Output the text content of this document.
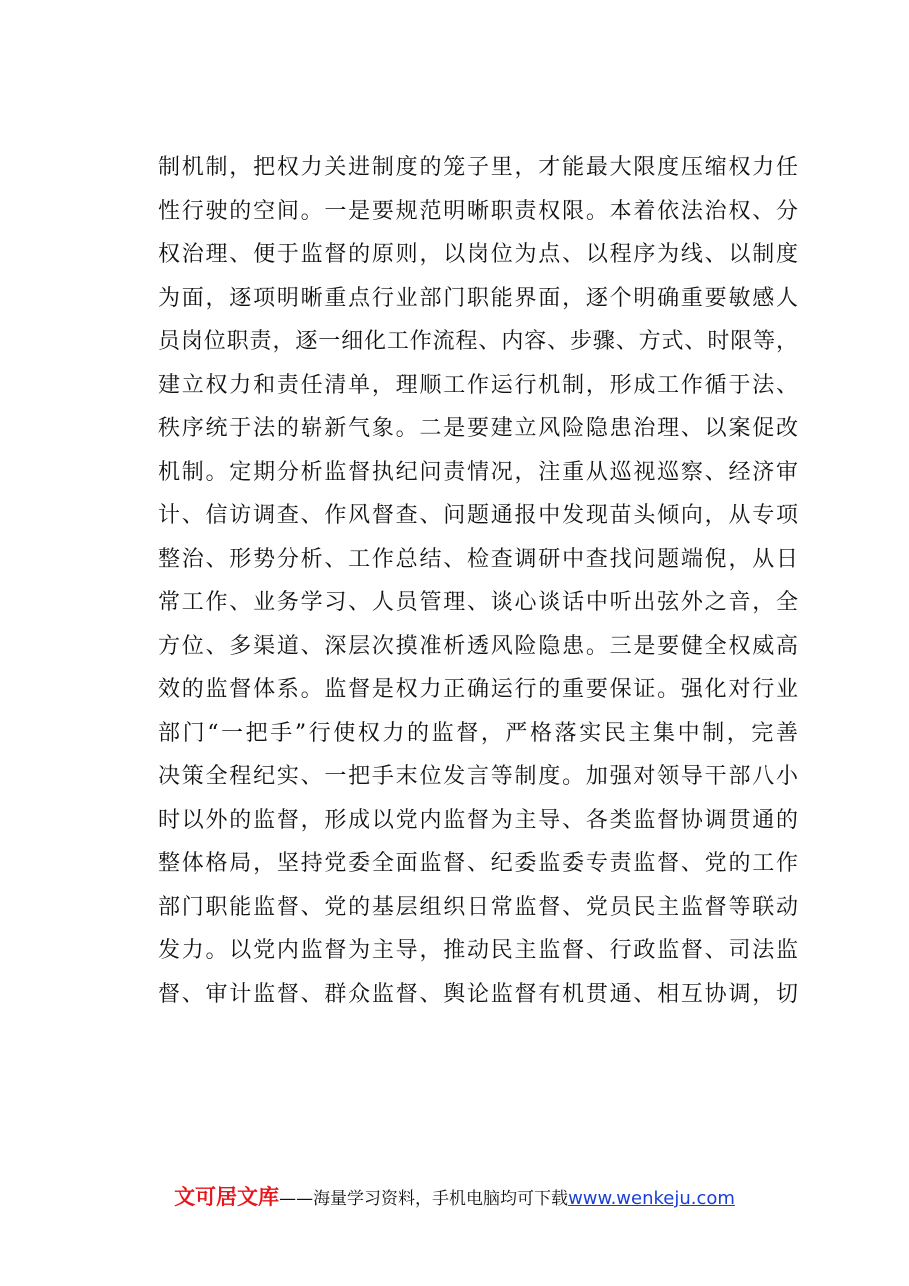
制机制，把权力关进制度的笼子里，才能最大限度压缩权力任
性行驶的空间。一是要规范明晰职责权限。本着依法治权、分
权治理、便于监督的原则，以岗位为点、以程序为线、以制度
为面，逐项明晰重点行业部门职能界面，逐个明确重要敏感人
员岗位职责，逐一细化工作流程、内容、步骤、方式、时限等，
建立权力和责任清单，理顺工作运行机制，形成工作循于法、
秩序统于法的崭新气象。二是要建立风险隐患治理、以案促改
机制。定期分析监督执纪问责情况，注重从巡视巡察、经济审
计、信访调查、作风督查、问题通报中发现苗头倾向，从专项
整治、形势分析、工作总结、检查调研中查找问题端倪，从日
常工作、业务学习、人员管理、谈心谈话中听出弦外之音，全
方位、多渠道、深层次摸准析透风险隐患。三是要健全权威高
效的监督体系。监督是权力正确运行的重要保证。强化对行业
部门“一把手”行使权力的监督，严格落实民主集中制，完善
决策全程纪实、一把手末位发言等制度。加强对领导干部八小
时以外的监督，形成以党内监督为主导、各类监督协调贯通的
整体格局，坚持党委全面监督、纪委监委专责监督、党的工作
部门职能监督、党的基层组织日常监督、党员民主监督等联动
发力。以党内监督为主导，推动民主监督、行政监督、司法监
督、审计监督、群众监督、舆论监督有机贯通、相互协调，切
文可居文库——海量学习资料，手机电脑均可下载www.wenkeju.com
